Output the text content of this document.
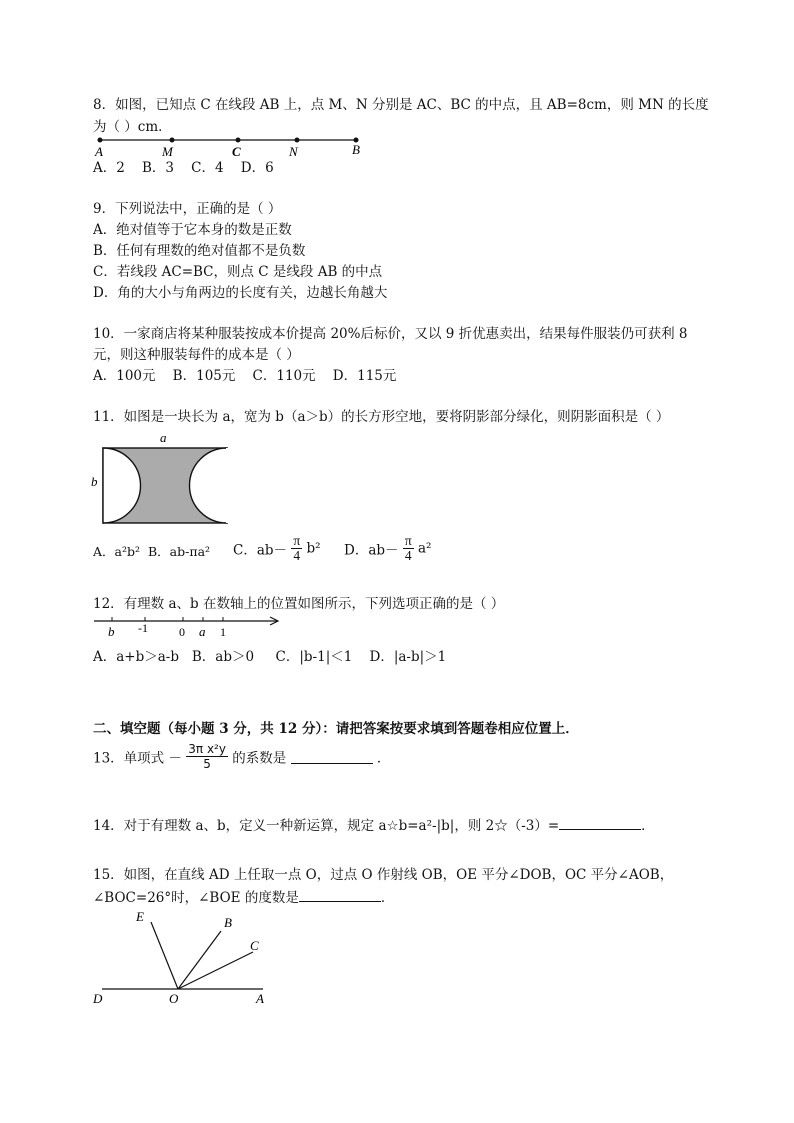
8．如图，已知点 C 在线段 AB 上，点 M、N 分别是 AC、BC 的中点，且 AB=8cm，则 MN 的长度
为（ ）cm．
A	M	C	N	B
A．2    B．3    C．4    D．6
9．下列说法中，正确的是（ ）
A．绝对值等于它本身的数是正数
B．任何有理数的绝对值都不是负数
C．若线段 AC=BC，则点 C 是线段 AB 的中点
D．角的大小与角两边的长度有关，边越长角越大
10．一家商店将某种服装按成本价提高 20%后标价，又以 9 折优惠卖出，结果每件服装仍可获利 8
元，则这种服装每件的成本是（ ）
A．100元    B．105元    C．110元    D．115元
11．如图是一块长为 a，宽为 b（a＞b）的长方形空地，要将阴影部分绿化，则阴影面积是（ ）
a
b
A．a²b² B．ab-πa² C．$ab- \frac{\pi}{4} b^2$ D．$ab- \frac{\pi}{4} a^2$
12．有理数 a、b 在数轴上的位置如图所示，下列选项正确的是（ ）
b -1	0 a 1
A．a+b＞a-b   B．ab＞0     C．|b-1|＜1    D．|a-b|＞1
二、填空题（每小题 3 分，共 12 分）：请把答案按要求填到答题卷相应位置上．
13．单项式 － $\frac{\text{3π x²y}}{5}$ 的系数是	．
14．对于有理数 a、b，定义一种新运算，规定 a☆b=a²-|b|，则 2☆（-3）=	．
15．如图，在直线 AD 上任取一点 O，过点 O 作射线 OB，OE 平分∠DOB，OC 平分∠AOB，
∠BOC=26°时，∠BOE 的度数是	．
E	B
C
D	O	A
